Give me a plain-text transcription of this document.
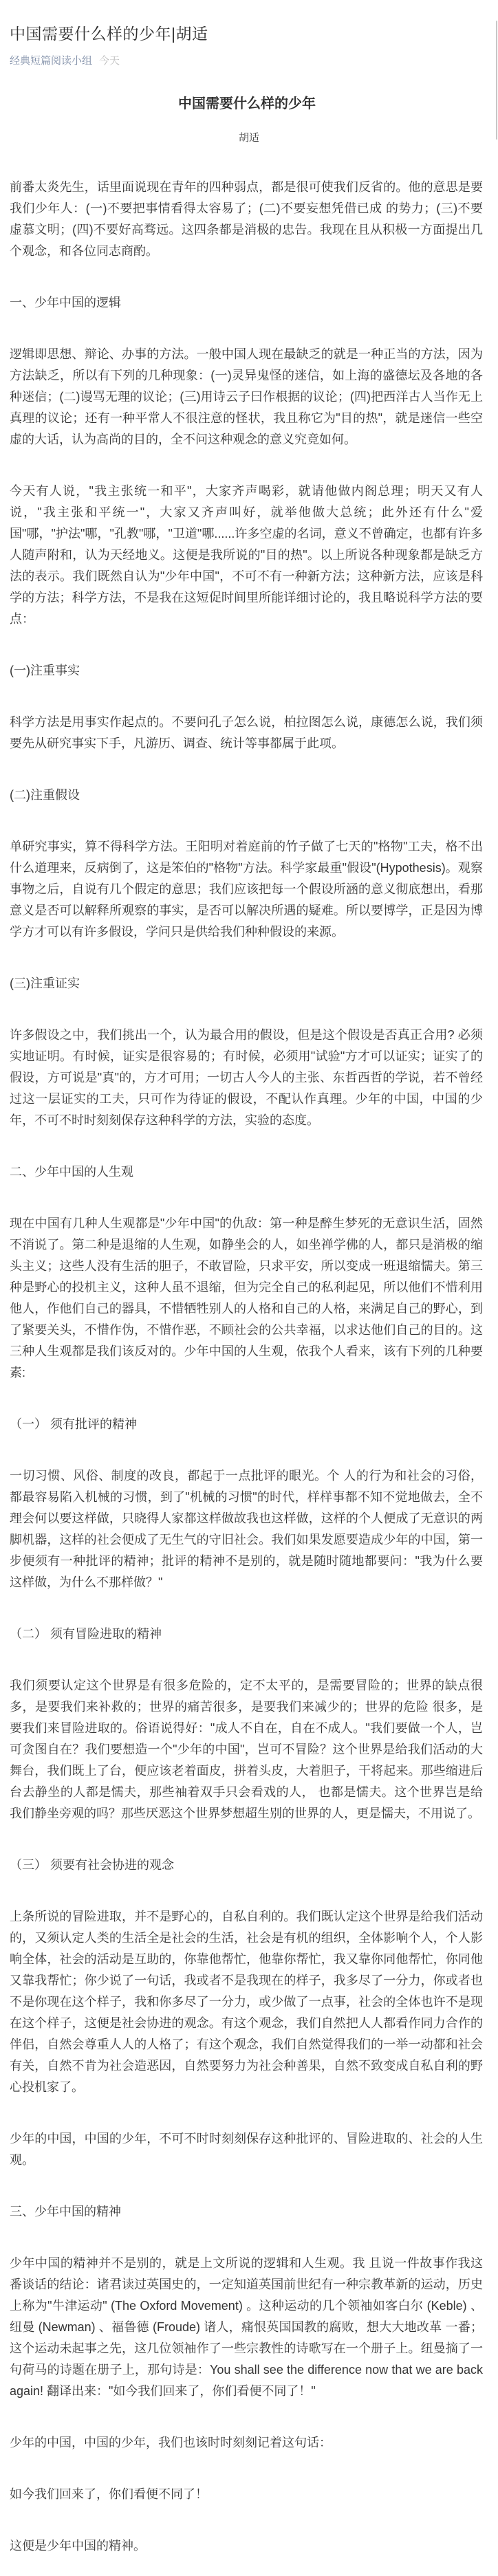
中国需要什么样的少年|胡适
经典短篇阅读小组 今天
中国需要什么样的少年
胡适

前番太炎先生，话里面说现在青年的四种弱点，都是很可使我们反省的。他的意思是要我们少年人：(一)不要把事情看得太容易了；(二)不要妄想凭借已成 的势力；(三)不要虚慕文明；(四)不要好高骛远。这四条都是消极的忠告。我现在且从积极一方面提出几个观念，和各位同志商酌。

一、少年中国的逻辑

逻辑即思想、辩论、办事的方法。一般中国人现在最缺乏的就是一种正当的方法，因为方法缺乏，所以有下列的几种现象：(一)灵异鬼怪的迷信，如上海的盛德坛及各地的各种迷信；(二)谩骂无理的议论；(三)用诗云子曰作根据的议论；(四)把西洋古人当作无上真理的议论；还有一种平常人不很注意的怪状，我且称它为"目的热"，就是迷信一些空虚的大话，认为高尚的目的，全不问这种观念的意义究竟如何。

今天有人说，"我主张统一和平"，大家齐声喝彩，就请他做内阁总理；明天又有人说，"我主张和平统一"，大家又齐声叫好，就举他做大总统；此外还有什么"爱 国"哪，"护法"哪，"孔教"哪，"卫道"哪......许多空虚的名词，意义不曾确定，也都有许多人随声附和，认为天经地义。这便是我所说的"目的热"。以上所说各种现象都是缺乏方法的表示。我们既然自认为"少年中国"，不可不有一种新方法；这种新方法，应该是科学的方法；科学方法，不是我在这短促时间里所能详细讨论的，我且略说科学方法的要点：

(一)注重事实

科学方法是用事实作起点的。不要问孔子怎么说，柏拉图怎么说，康德怎么说，我们须要先从研究事实下手，凡游历、调查、统计等事都属于此项。

(二)注重假设

单研究事实，算不得科学方法。王阳明对着庭前的竹子做了七天的"格物"工夫，格不出什么道理来，反病倒了，这是笨伯的"格物"方法。科学家最重"假设"(Hypothesis)。观察事物之后，自说有几个假定的意思；我们应该把每一个假设所涵的意义彻底想出，看那意义是否可以解释所观察的事实，是否可以解决所遇的疑难。所以要博学，正是因为博学方才可以有许多假设，学问只是供给我们种种假设的来源。

(三)注重证实

许多假设之中，我们挑出一个，认为最合用的假设，但是这个假设是否真正合用? 必须实地证明。有时候，证实是很容易的；有时候，必须用"试验"方才可以证实；证实了的假设，方可说是"真"的，方才可用；一切古人今人的主张、东哲西哲的学说，若不曾经过这一层证实的工夫，只可作为待证的假设，不配认作真理。少年的中国，中国的少年，不可不时时刻刻保存这种科学的方法，实验的态度。

二、少年中国的人生观

现在中国有几种人生观都是"少年中国"的仇敌：第一种是醉生梦死的无意识生活，固然不消说了。第二种是退缩的人生观，如静坐会的人，如坐禅学佛的人，都只是消极的缩头主义；这些人没有生活的胆子，不敢冒险，只求平安，所以变成一班退缩懦夫。第三种是野心的投机主义，这种人虽不退缩，但为完全自己的私利起见，所以他们不惜利用他人，作他们自己的器具，不惜牺牲别人的人格和自己的人格，来满足自己的野心，到了紧要关头，不惜作伪，不惜作恶，不顾社会的公共幸福，以求达他们自己的目的。这三种人生观都是我们该反对的。少年中国的人生观，依我个人看来，该有下列的几种要素:

（一） 须有批评的精神

一切习惯、风俗、制度的改良，都起于一点批评的眼光。个 人的行为和社会的习俗，都最容易陷入机械的习惯，到了"机械的习惯"的时代，样样事都不知不觉地做去，全不理会何以要这样做，只晓得人家都这样做故我也这样做，这样的个人便成了无意识的两脚机器，这样的社会便成了无生气的守旧社会。我们如果发愿要造成少年的中国，第一步便须有一种批评的精神；批评的精神不是别的，就是随时随地都要问："我为什么要这样做，为什么不那样做？"

（二） 须有冒险进取的精神

我们须要认定这个世界是有很多危险的，定不太平的，是需要冒险的；世界的缺点很多，是要我们来补救的；世界的痛苦很多，是要我们来减少的；世界的危险 很多，是要我们来冒险进取的。俗语说得好："成人不自在，自在不成人。"我们要做一个人，岂可贪图自在？我们要想造一个"少年的中国"，岂可不冒险？这个世界是给我们活动的大舞台，我们既上了台，便应该老着面皮，拼着头皮，大着胆子，干将起来。那些缩进后台去静坐的人都是懦夫，那些袖着双手只会看戏的人， 也都是懦夫。这个世界岂是给我们静坐旁观的吗？那些厌恶这个世界梦想超生别的世界的人，更是懦夫，不用说了。

（三） 须要有社会协进的观念

上条所说的冒险进取，并不是野心的，自私自利的。我们既认定这个世界是给我们活动的，又须认定人类的生活全是社会的生活，社会是有机的组织，全体影响个人，个人影响全体，社会的活动是互助的，你靠他帮忙，他靠你帮忙，我又靠你同他帮忙，你同他又靠我帮忙；你少说了一句话，我或者不是我现在的样子，我多尽了一分力，你或者也不是你现在这个样子，我和你多尽了一分力，或少做了一点事，社会的全体也许不是现在这个样子，这便是社会协进的观念。有这个观念，我们自然把人人都看作同力合作的伴侣，自然会尊重人人的人格了；有这个观念，我们自然觉得我们的一举一动都和社会有关，自然不肯为社会造恶因，自然要努力为社会种善果，自然不致变成自私自利的野心投机家了。

少年的中国，中国的少年，不可不时时刻刻保存这种批评的、冒险进取的、社会的人生观。

三、少年中国的精神

少年中国的精神并不是别的，就是上文所说的逻辑和人生观。我 且说一件故事作我这番谈话的结论：诸君读过英国史的，一定知道英国前世纪有一种宗教革新的运动，历史上称为"牛津运动" (The Oxford Movement) 。这种运动的几个领袖如客白尔 (Keble) 、纽曼 (Newman) 、福鲁德 (Froude) 诸人，痛恨英国国教的腐败，想大大地改革 一番；这个运动未起事之先，这几位领袖作了一些宗教性的诗歌写在一个册子上。纽曼摘了一句荷马的诗题在册子上，那句诗是：You shall see the difference now that we are back again! 翻译出来："如今我们回来了，你们看便不同了！"

少年的中国，中国的少年，我们也该时时刻刻记着这句话：

如今我们回来了，你们看便不同了！

这便是少年中国的精神。
